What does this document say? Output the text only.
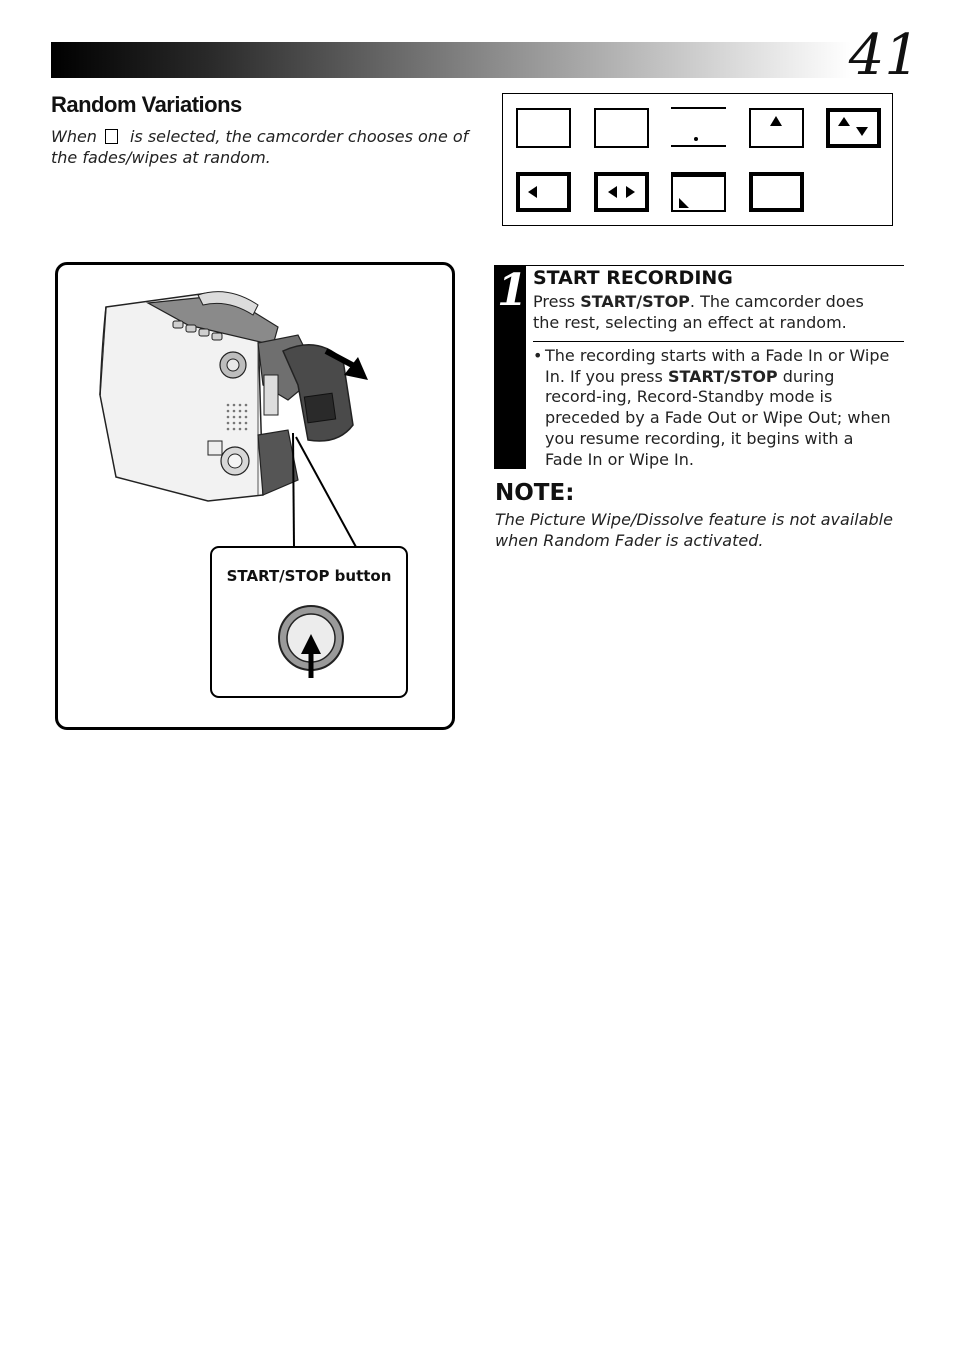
41
Random Variations

When is selected, the camcorder chooses one of the fades/wipes at random.

START/STOP button
1 START RECORDING

Press START/STOP. The camcorder does the rest, selecting an effect at random.

• The recording starts with a Fade In or Wipe In. If you press START/STOP during record-ing, Record-Standby mode is preceded by a Fade Out or Wipe Out; when you resume recording, it begins with a Fade In or Wipe In.

NOTE:

The Picture Wipe/Dissolve feature is not available when Random Fader is activated.
